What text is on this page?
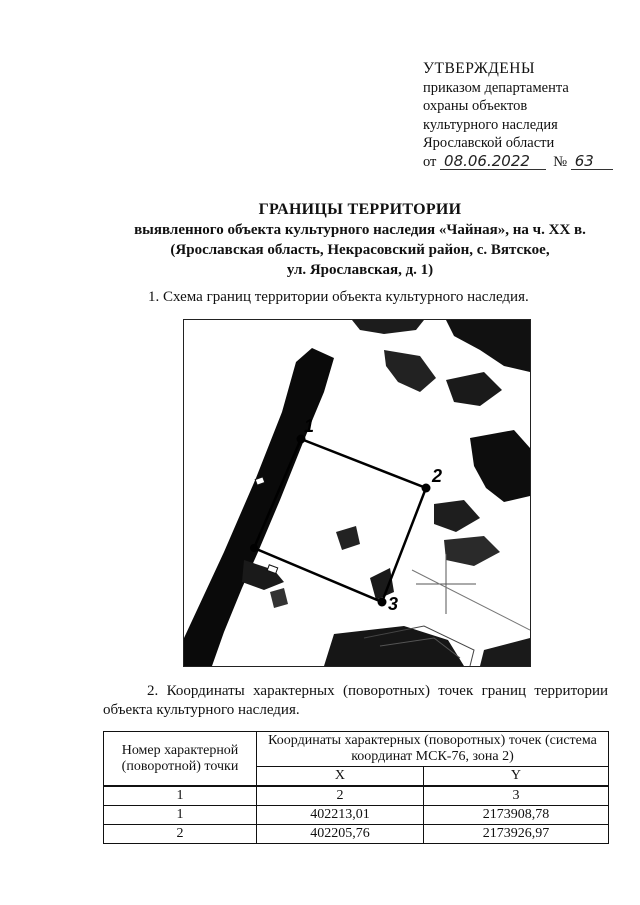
УТВЕРЖДЕНЫ
приказом департамента
охраны объектов
культурного наследия
Ярославской области
от
08.06.2022
	№
63
ГРАНИЦЫ ТЕРРИТОРИИ
выявленного объекта культурного наследия «Чайная», на ч. XX в.
(Ярославская область, Некрасовский район, с. Вятское,
ул. Ярославская, д. 1)
1. Схема границ территории объекта культурного наследия.
1
2
3
2. Координаты характерных (поворотных) точек границ территории объекта культурного наследия.
Номер характерной (поворотной) точки	Координаты характерных (поворотных) точек (система координат МСК-76, зона 2)	
	X	Y
1	2	3
1	402213,01	2173908,78
2	402205,76	2173926,97
